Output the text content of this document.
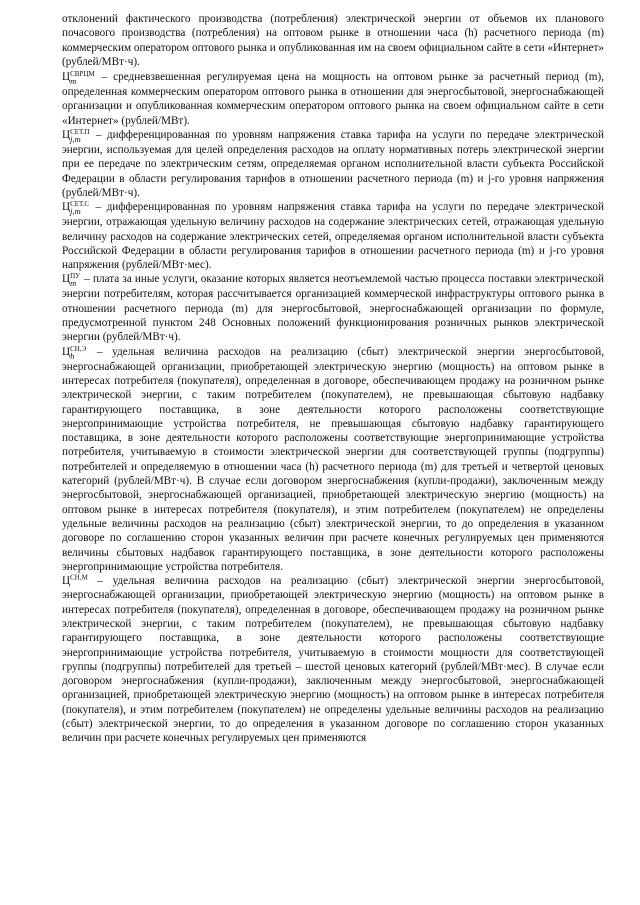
отклонений фактического производства (потребления) электрической энергии от объемов их планового почасового производства (потребления) на оптовом рынке в отношении часа (h) расчетного периода (m) коммерческим оператором оптового рынка и опубликованная им на своем официальном сайте в сети «Интернет» (рублей/МВт·ч).

Ц СВРЦМ
m	– средневзвешенная регулируемая цена на мощность на оптовом рынке за расчетный период (m), определенная коммерческим оператором оптового рынка в отношении для энергосбытовой, энергоснабжающей организации и опубликованная коммерческим оператором оптового рынка на своем официальном сайте в сети «Интернет» (рублей/МВт).

Ц СЕТ.П
j,m – дифференцированная по уровням напряжения ставка тарифа на услуги по передаче электрической энергии, используемая для целей определения расходов на оплату нормативных потерь электрической энергии при ее передаче по электрическим сетям, определяемая органом исполнительной власти субъекта Российской Федерации в области регулирования тарифов в отношении расчетного периода (m) и j-го уровня напряжения (рублей/МВт·ч).

Ц СЕТ.С
j,m – дифференцированная по уровням напряжения ставка тарифа на услуги по передаче электрической энергии, отражающая удельную величину расходов на содержание электрических сетей, отражающая удельную величину расходов на содержание электрических сетей, определяемая органом исполнительной власти субъекта Российской Федерации в области регулирования тарифов в отношении расчетного периода (m) и j-го уровня напряжения (рублей/МВт·мес).

Ц ПУ
m – плата за иные услуги, оказание которых является неотъемлемой частью процесса поставки электрической энергии потребителям, которая рассчитывается организацией коммерческой инфраструктуры оптового рынка в отношении расчетного периода (m) для энергосбытовой, энергоснабжающей организации по формуле, предусмотренной пунктом 248 Основных положений функционирования розничных рынков электрической энергии (рублей/МВт·ч).

Ц СН,Э
h	– удельная величина расходов на реализацию (сбыт) электрической энергии энергосбытовой, энергоснабжающей организации, приобретающей электрическую энергию (мощность) на оптовом рынке в интересах потребителя (покупателя), определенная в договоре, обеспечивающем продажу на розничном рынке электрической энергии, с таким потребителем (покупателем), не превышающая сбытовую надбавку гарантирующего поставщика, в зоне деятельности которого расположены соответствующие энергопринимающие устройства потребителя, не превышающая сбытовую надбавку гарантирующего поставщика, в зоне деятельности которого расположены соответствующие энергопринимающие устройства потребителя, учитываемую в стоимости электрической энергии для соответствующей группы (подгруппы) потребителей и определяемую в отношении часа (h) расчетного периода (m) для третьей и четвертой ценовых категорий (рублей/МВт·ч). В случае если договором энергоснабжения (купли-продажи), заключенным между энергосбытовой, энергоснабжающей организацией, приобретающей электрическую энергию (мощность) на оптовом рынке в интересах потребителя (покупателя), и этим потребителем (покупателем) не определены удельные величины расходов на реализацию (сбыт) электрической энергии, то до определения в указанном договоре по соглашению сторон указанных величин при расчете конечных регулируемых цен применяются величины сбытовых надбавок гарантирующего поставщика, в зоне деятельности которого расположены энергопринимающие устройства потребителя.

$Ц^{СН,М}$ – удельная величина расходов на реализацию (сбыт) электрической энергии энергосбытовой, энергоснабжающей организации, приобретающей электрическую энергию (мощность) на оптовом рынке в интересах потребителя (покупателя), определенная в договоре, обеспечивающем продажу на розничном рынке электрической энергии, с таким потребителем (покупателем), не превышающая сбытовую надбавку гарантирующего поставщика, в зоне деятельности которого расположены соответствующие энергопринимающие устройства потребителя, учитываемую в стоимости мощности для соответствующей группы (подгруппы) потребителей для третьей – шестой ценовых категорий (рублей/МВт·мес). В случае если договором энергоснабжения (купли-продажи), заключенным между энергосбытовой, энергоснабжающей организацией, приобретающей электрическую энергию (мощность) на оптовом рынке в интересах потребителя (покупателя), и этим потребителем (покупателем) не определены удельные величины расходов на реализацию (сбыт) электрической энергии, то до определения в указанном договоре по соглашению сторон указанных величин при расчете конечных регулируемых цен применяются
